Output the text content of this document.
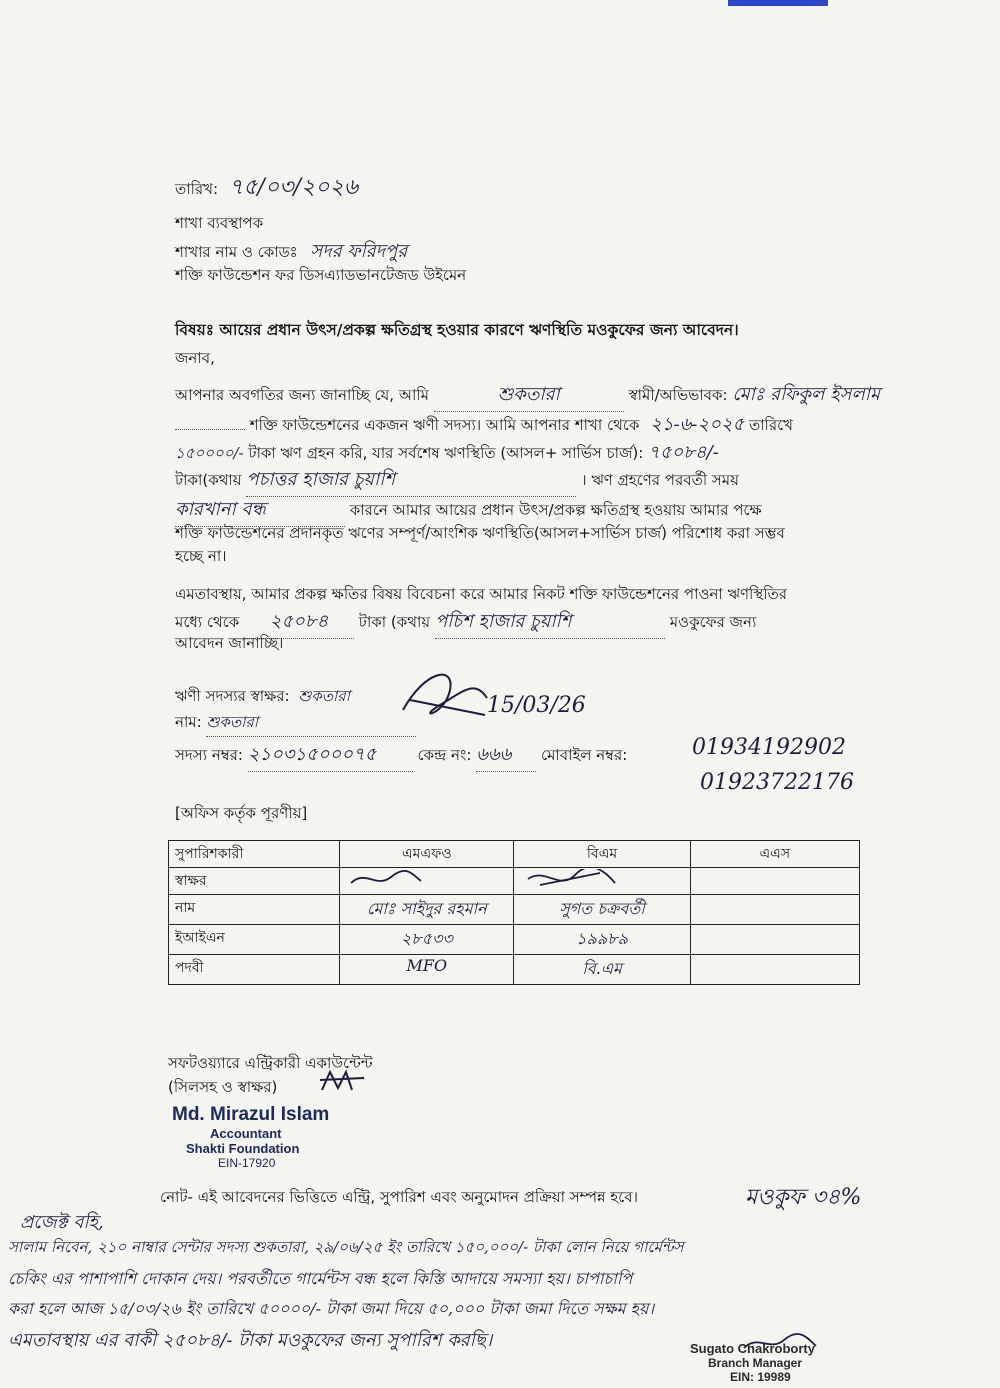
তারিখ: ৭৫/০৩/২০২৬
শাখা ব্যবস্থাপক
শাখার নাম ও কোডঃ সদর ফরিদপুর
শক্তি ফাউন্ডেশন ফর ডিসএ্যাডভানটেজড উইমেন
বিষয়ঃ আয়ের প্রধান উৎস/প্রকল্প ক্ষতিগ্রস্থ হওয়ার কারণে ঋণস্থিতি মওকুফের জন্য আবেদন।
জনাব,
আপনার অবগতির জন্য জানাচ্ছি যে, আমি	শুকতারা	স্বামী/অভিভাবক: মোঃ রফিকুল ইসলাম
শক্তি ফাউন্ডেশনের একজন ঋণী সদস্য। আমি আপনার শাখা থেকে ২১-৬-২০২৫ তারিখে
১৫০০০০/- টাকা ঋণ গ্রহন করি, যার সর্বশেষ ঋণস্থিতি (আসল+ সার্ভিস চার্জ): ৭৫০৮৪/-
টাকা(কথায় পচাত্তর হাজার চুয়াশি	। ঋণ গ্রহণের পরবর্তী সময়
কারখানা বন্ধ	কারনে আমার আয়ের প্রধান উৎস/প্রকল্প ক্ষতিগ্রস্থ হওয়ায় আমার পক্ষে
শক্তি ফাউন্ডেশনের প্রদানকৃত ঋণের সম্পূর্ণ/আংশিক ঋণস্থিতি(আসল+সার্ভিস চার্জ) পরিশোধ করা সম্ভব
হচ্ছে না।
এমতাবস্থায়, আমার প্রকল্প ক্ষতির বিষয় বিবেচনা করে আমার নিকট শক্তি ফাউন্ডেশনের পাওনা ঋণস্থিতির
মধ্যে থেকে ২৫০৮৪ টাকা (কথায় পচিশ হাজার চুয়াশি	মওকুফের জন্য
আবেদন জানাচ্ছি।
ঋণী সদস্যর স্বাক্ষর: শুকতারা	15/03/26
নাম: শুকতারা
সদস্য নম্বর: ২১০৩১৫০০০৭৫	কেন্দ্র নং: ৬৬৬ মোবাইল নম্বর:	01934192902
01923722176
[অফিস কর্তৃক পূরণীয়]
সুপারিশকারী	এমএফও	বিএম	এএস
স্বাক্ষর			
নাম	মোঃ সাইদুর রহমান	সুগত চক্রবর্তী	

ইআইএন	২৮৫৩৩	১৯৯৮৯	

পদবী	MFO	বি.এম	

সফটওয়্যারে এন্ট্রিকারী একাউন্টেন্ট
(সিলসহ ও স্বাক্ষর)
Md. Mirazul Islam
Accountant
Shakti Foundation
EIN-17920
নোট- এই আবেদনের ভিত্তিতে এন্ট্রি, সুপারিশ এবং অনুমোদন প্রক্রিয়া সম্পন্ন হবে।	মওকুফ ৩৪%
প্রজেক্ট বহি,
সালাম নিবেন, ২১০ নাম্বার সেন্টার সদস্য শুকতারা, ২৯/০৬/২৫ ইং তারিখে ১৫০,০০০/- টাকা লোন নিয়ে গার্মেন্টস
চেকিং এর পাশাপাশি দোকান দেয়। পরবর্তীতে গার্মেন্টস বন্ধ হলে কিস্তি আদায়ে সমস্যা হয়। চাপাচাপি
করা হলে আজ ১৫/০৩/২৬ ইং তারিখে ৫০০০০/- টাকা জমা দিয়ে ৫০,০০০ টাকা জমা দিতে সক্ষম হয়।
এমতাবস্থায় এর বাকী ২৫০৮৪/- টাকা মওকুফের জন্য সুপারিশ করছি।	Sugato Chakroborty
Branch Manager
EIN: 19989
